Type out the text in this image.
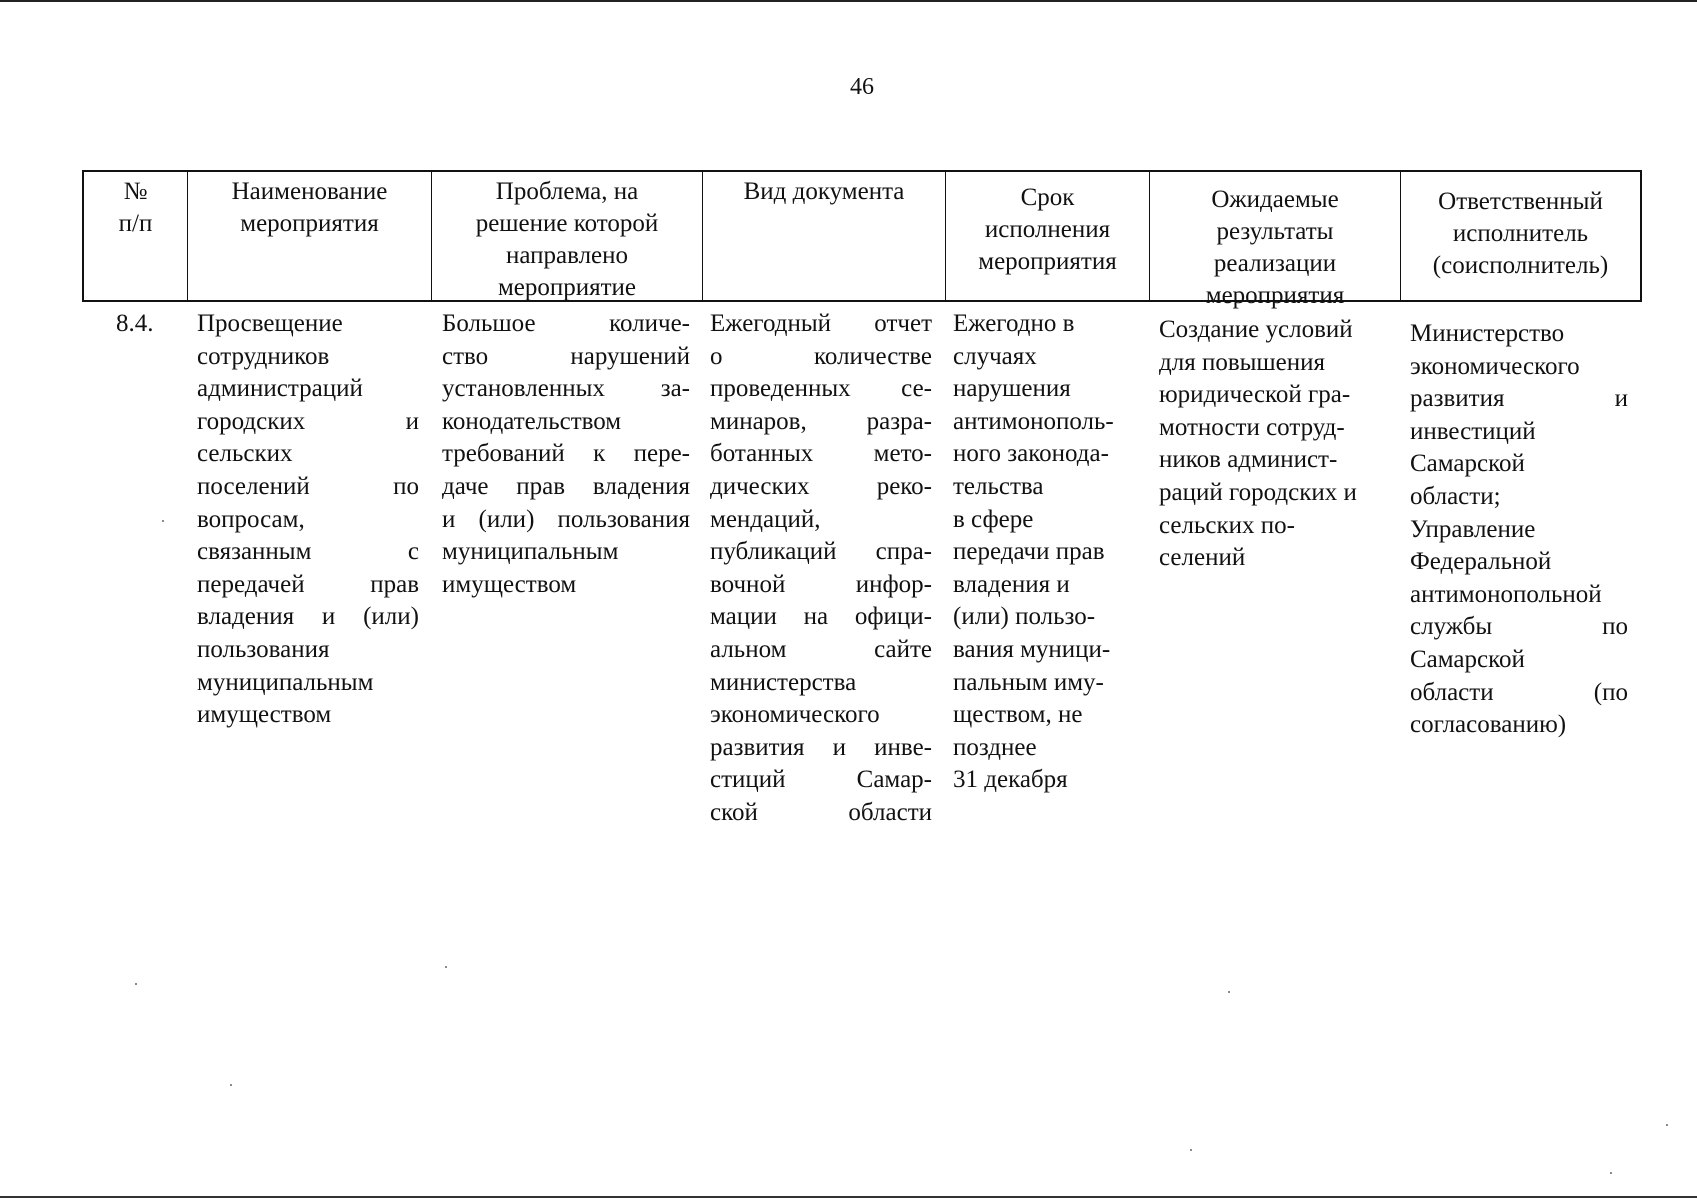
46
№
п/п
Наименование
мероприятия
Проблема, на
решение которой
направлено
мероприятие
Вид документа	Срок
исполнения
мероприятия
Ожидаемые
результаты
реализации
мероприятия
Ответственный
исполнитель
(соисполнитель)
8.4. Просвещение
сотрудников
администраций
городских и
сельских
поселений по
вопросам,
связанным с
передачей прав
владения и (или)
пользования
муниципальным
имуществом
Большое количе-
ство нарушений
установленных за-
конодательством
требований к пере-
даче прав владения
и (или) пользования
муниципальным
имуществом
Ежегодный отчет
о количестве
проведенных се-
минаров, разра-
ботанных мето-
дических реко-
мендаций,
публикаций спра-
вочной инфор-
мации на офици-
альном сайте
министерства
экономического
развития и инве-
стиций Самар-
ской области
Ежегодно в
случаях
нарушения
антимонополь-
ного законода-
тельства
в сфере
передачи прав
владения и
(или) пользо-
вания муници-
пальным иму-
ществом, не
позднее
31 декабря
Создание условий
для повышения
юридической гра-
мотности сотруд-
ников админист-
раций городских и
сельских по-
селений
Министерство
экономического
развития и
инвестиций
Самарской
области;
Управление
Федеральной
антимонопольной
службы по
Самарской
области (по
согласованию)
